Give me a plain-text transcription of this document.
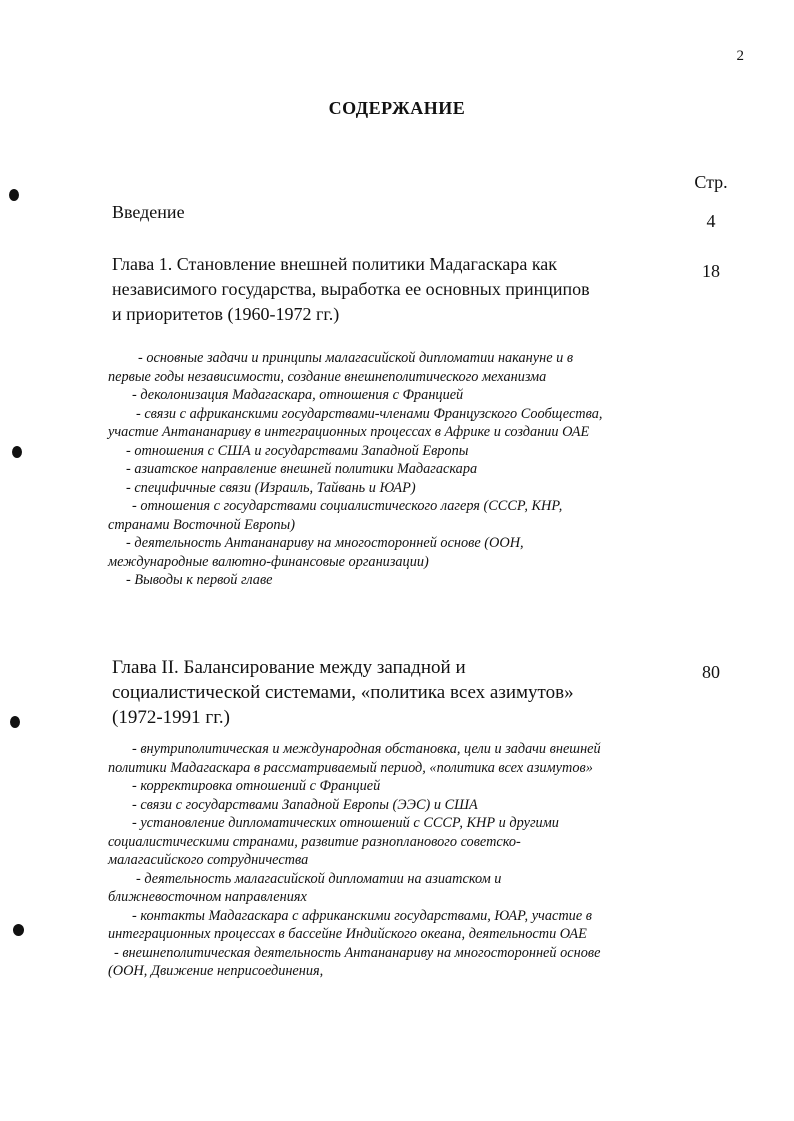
2
СОДЕРЖАНИЕ
Стр.
Введение	4
Глава 1. Становление внешней политики Мадагаскара как независимого государства, выработка ее основных принципов и приоритетов (1960-1972 гг.)
18
- основные задачи и принципы малагасийской дипломатии накануне и в первые годы независимости, создание внешнеполитического механизма
- деколонизация Мадагаскара, отношения с Францией
- связи с африканскими государствами-членами Французского Сообщества, участие Антананариву в интеграционных процессах в Африке и создании ОАЕ
- отношения с США и государствами Западной Европы
- азиатское направление внешней политики Мадагаскара
- специфичные связи (Израиль, Тайвань и ЮАР)
- отношения с государствами социалистического лагеря (СССР, КНР, странами Восточной Европы)
- деятельность Антананариву на многосторонней основе (ООН, международные валютно-финансовые организации)
- Выводы к первой главе
Глава II. Балансирование между западной и социалистической системами, «политика всех азимутов» (1972-1991 гг.)
80
- внутриполитическая и международная обстановка, цели и задачи внешней политики Мадагаскара в рассматриваемый период, «политика всех азимутов»
- корректировка отношений с Францией
- связи с государствами Западной Европы (ЭЭС) и США
- установление дипломатических отношений с СССР, КНР и другими социалистическими странами, развитие разнопланового советско-малагасийского сотрудничества
- деятельность малагасийской дипломатии на азиатском и ближневосточном направлениях
- контакты Мадагаскара с африканскими государствами, ЮАР, участие в интеграционных процессах в бассейне Индийского океана, деятельности ОАЕ
- внешнеполитическая деятельность Антананариву на многосторонней основе (ООН, Движение неприсоединения,
